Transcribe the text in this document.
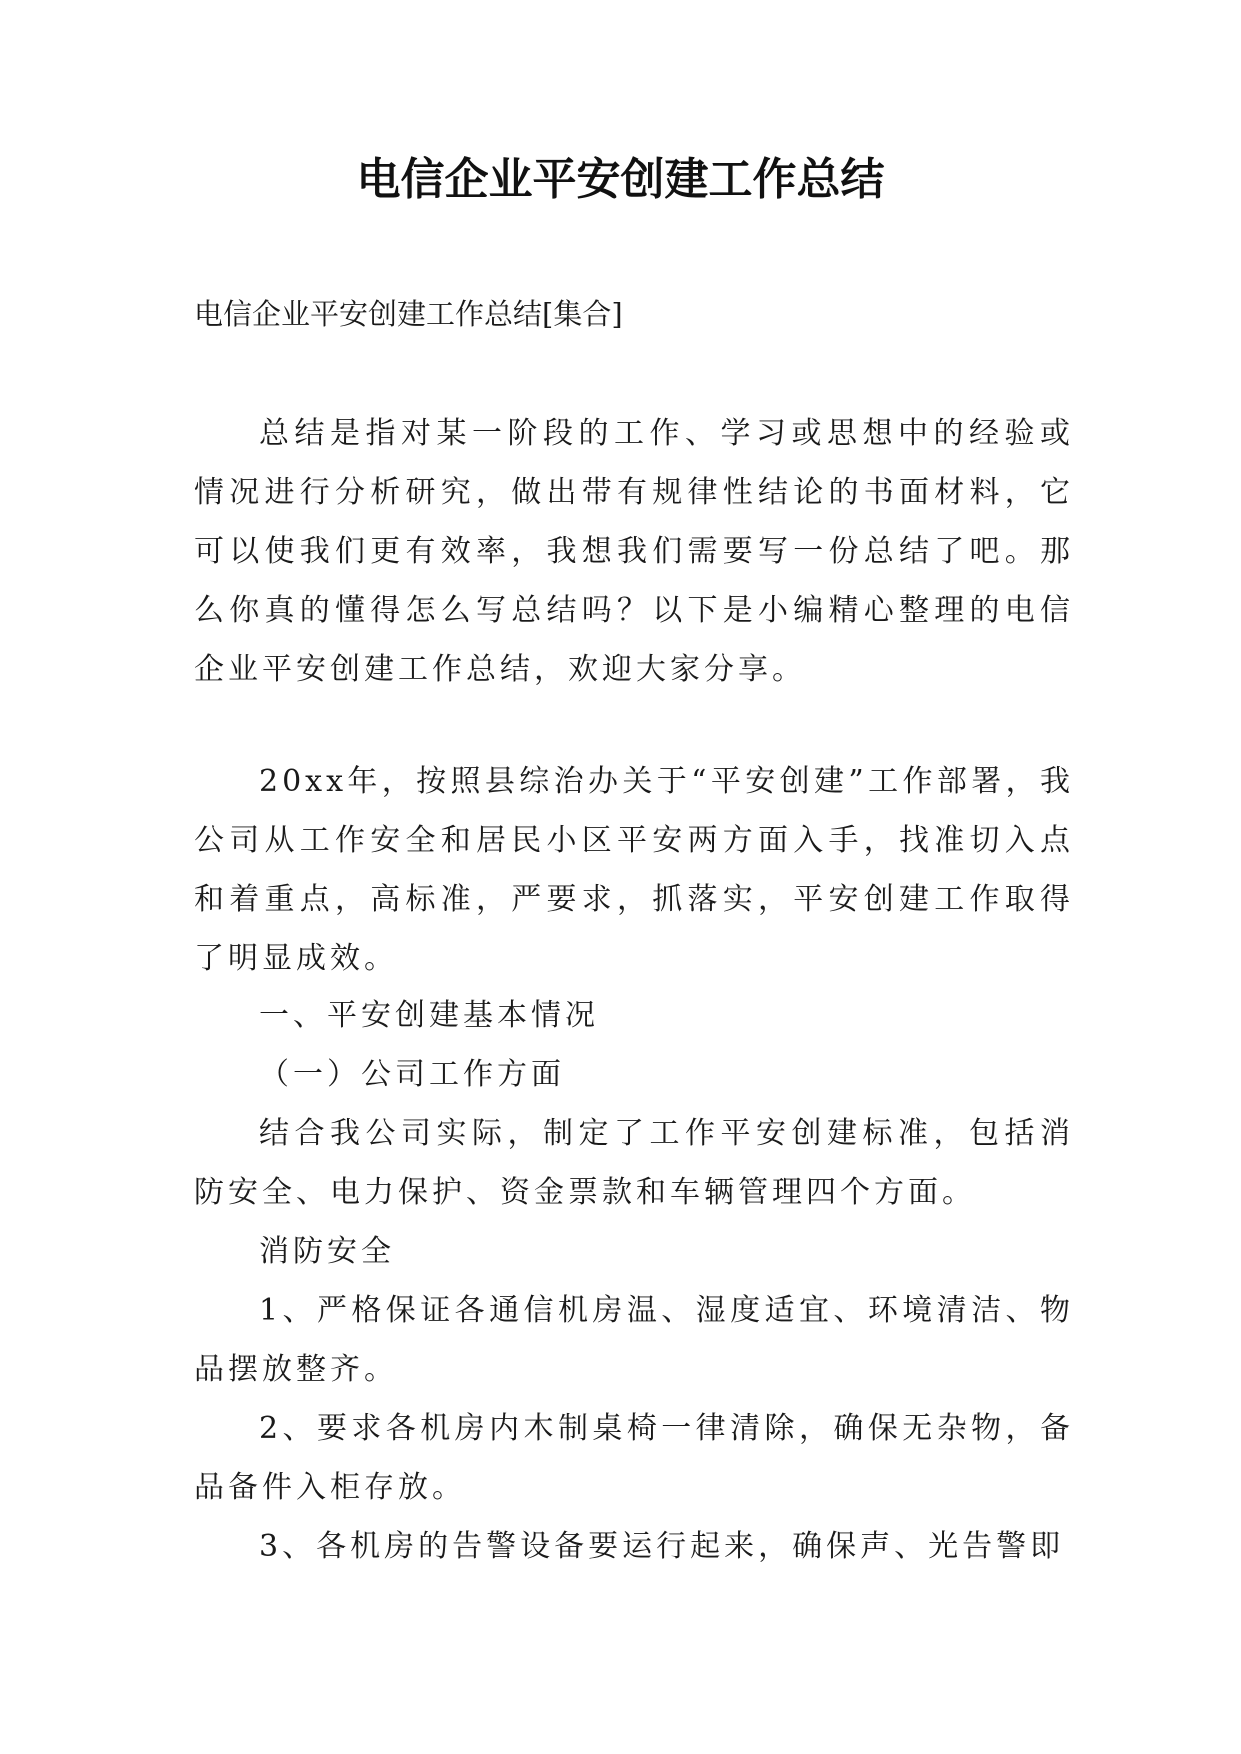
电信企业平安创建工作总结

电信企业平安创建工作总结[集合]

总结是指对某一阶段的工作、学习或思想中的经验或情况进行分析研究，做出带有规律性结论的书面材料，它可以使我们更有效率，我想我们需要写一份总结了吧。那么你真的懂得怎么写总结吗？以下是小编精心整理的电信企业平安创建工作总结，欢迎大家分享。

20xx年，按照县综治办关于“平安创建”工作部署，我公司从工作安全和居民小区平安两方面入手，找准切入点和着重点，高标准，严要求，抓落实，平安创建工作取得了明显成效。

一、平安创建基本情况

（一）公司工作方面

结合我公司实际，制定了工作平安创建标准，包括消防安全、电力保护、资金票款和车辆管理四个方面。

消防安全

1、严格保证各通信机房温、湿度适宜、环境清洁、物品摆放整齐。

2、要求各机房内木制桌椅一律清除，确保无杂物，备品备件入柜存放。

3、各机房的告警设备要运行起来，确保声、光告警即
